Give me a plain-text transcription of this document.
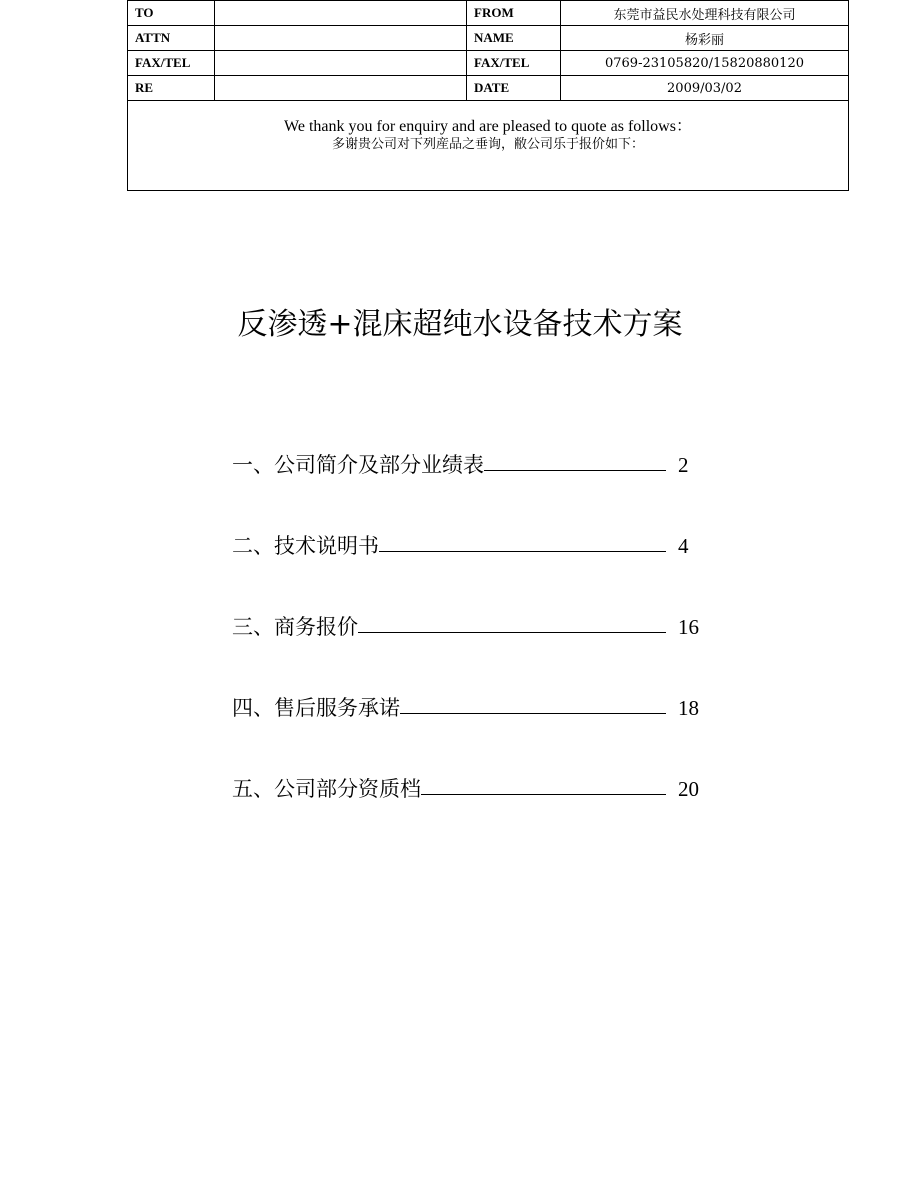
TO		FROM	东莞市益民水处理科技有限公司
ATTN		NAME	杨彩丽
FAX/TEL		FAX/TEL	0769-23105820/15820880120
RE		DATE	2009/03/02

We thank you for enquiry and are pleased to quote as follows：
多谢贵公司对下列産品之垂询，敝公司乐于报价如下：			
反渗透+混床超纯水设备技术方案
一、公司简介及部分业绩表	2
二、技术说明书	4
三、商务报价	16
四、售后服务承诺	18
五、公司部分资质档	20
